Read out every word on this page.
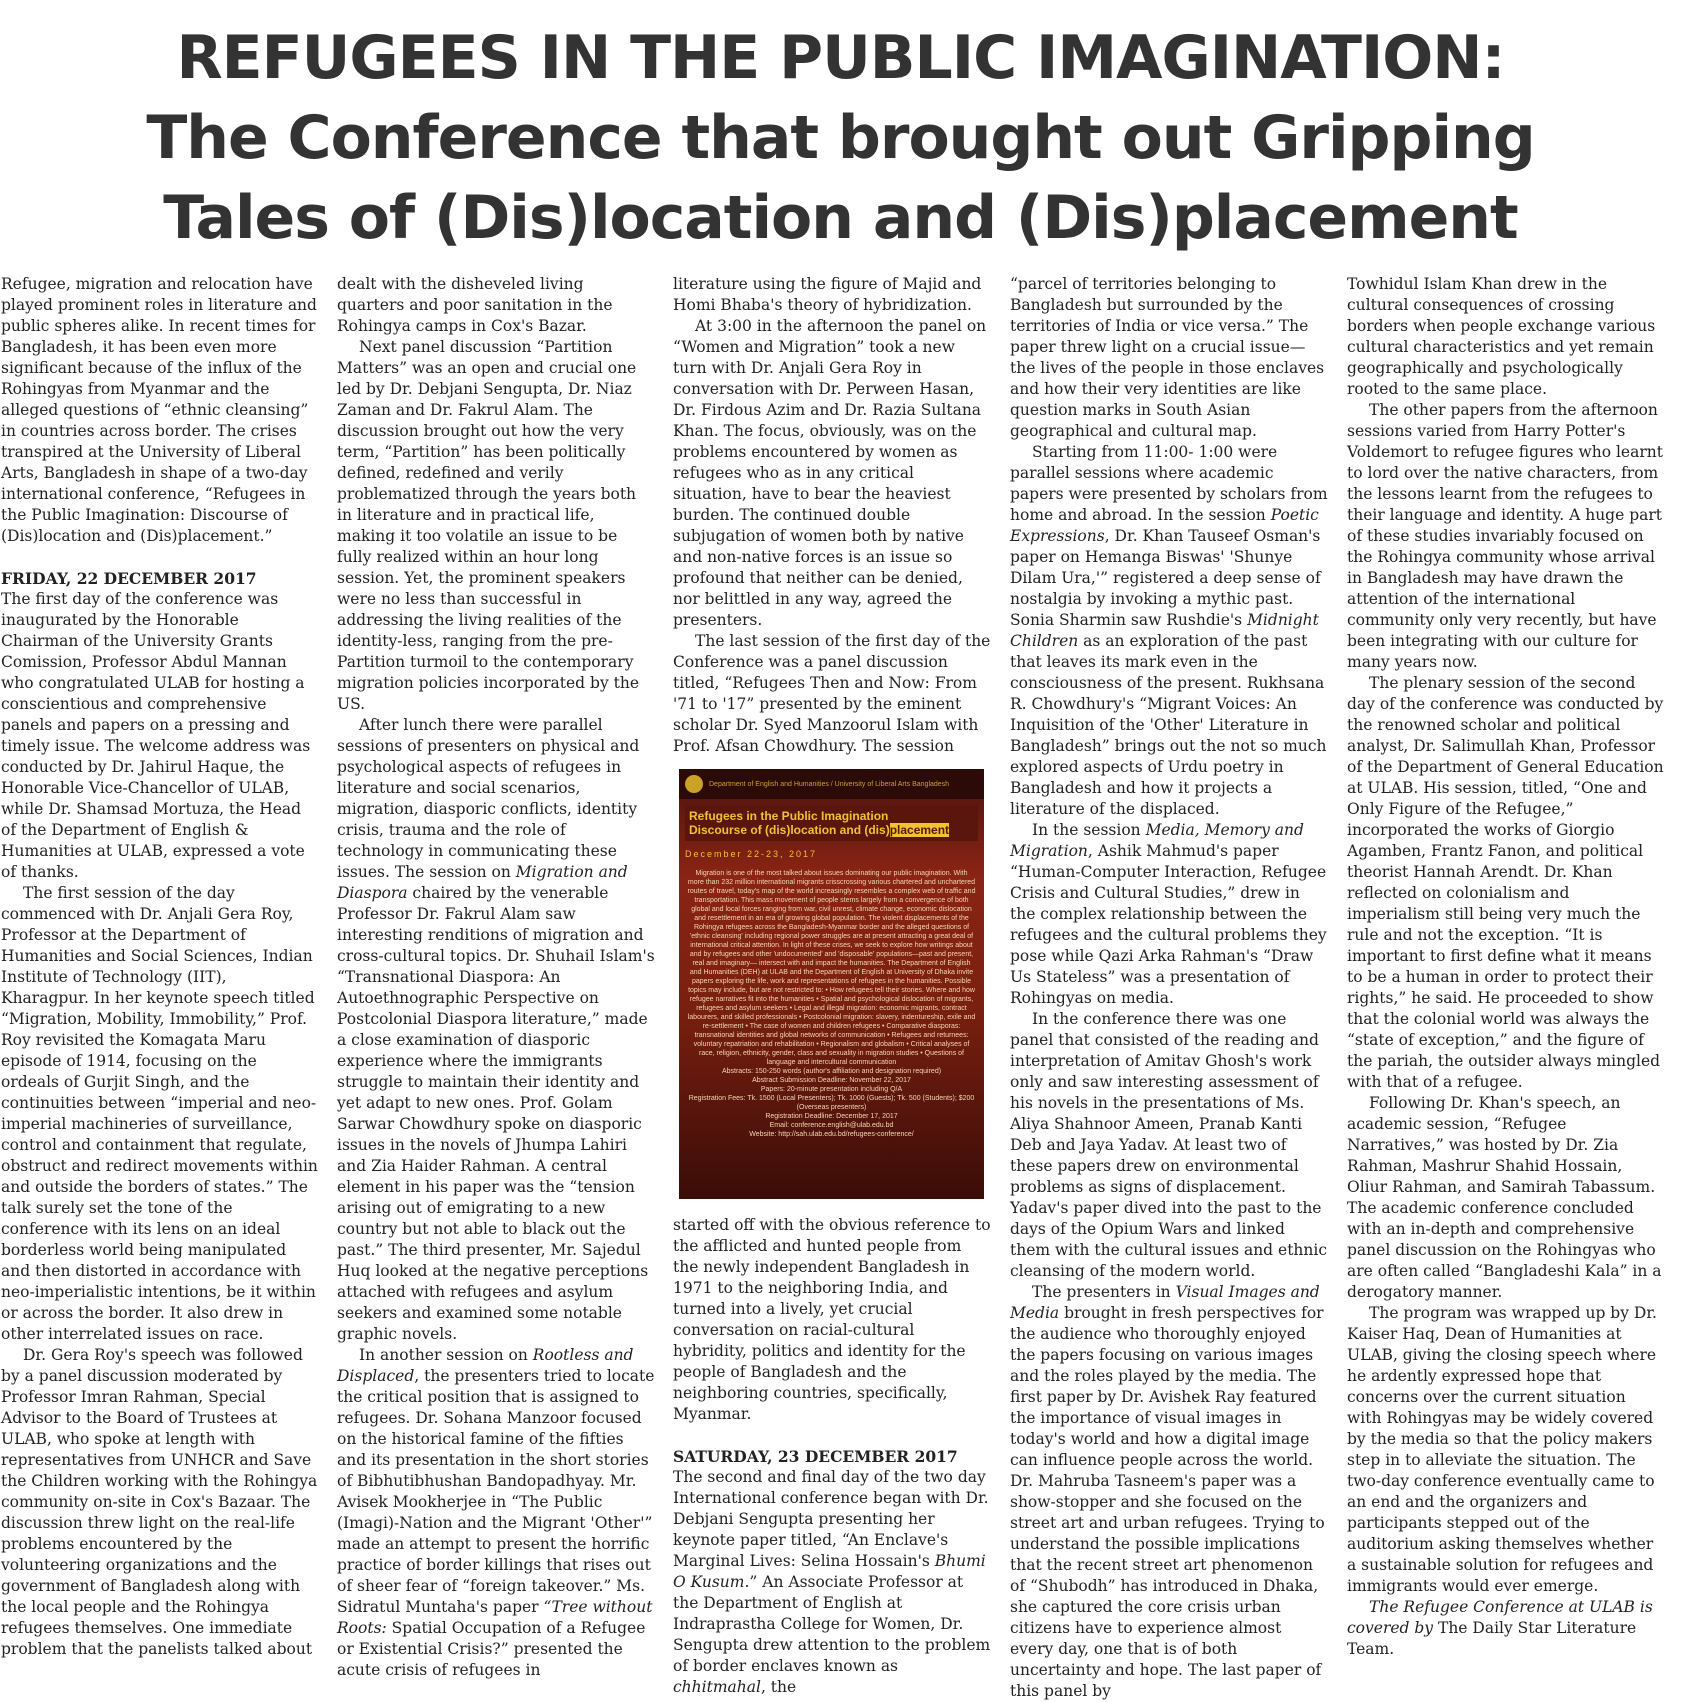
REFUGEES IN THE PUBLIC IMAGINATION:
The Conference that brought out Gripping
Tales of (Dis)location and (Dis)placement

Refugee, migration and relocation have played prominent roles in literature and public spheres alike. In recent times for Bangladesh, it has been even more significant because of the influx of the Rohingyas from Myanmar and the alleged questions of “ethnic cleansing” in countries across border. The crises transpired at the University of Liberal Arts, Bangladesh in shape of a two-day international conference, “Refugees in the Public Imagination: Discourse of (Dis)location and (Dis)placement.”

FRIDAY, 22 DECEMBER 2017

The first day of the conference was inaugurated by the Honorable Chairman of the University Grants Comission, Professor Abdul Mannan who congratulated ULAB for hosting a conscientious and comprehensive panels and papers on a pressing and timely issue. The welcome address was conducted by Dr. Jahirul Haque, the Honorable Vice-Chancellor of ULAB, while Dr. Shamsad Mortuza, the Head of the Department of English & Humanities at ULAB, expressed a vote of thanks.

The first session of the day commenced with Dr. Anjali Gera Roy, Professor at the Department of Humanities and Social Sciences, Indian Institute of Technology (IIT), Kharagpur. In her keynote speech titled “Migration, Mobility, Immobility,” Prof. Roy revisited the Komagata Maru episode of 1914, focusing on the ordeals of Gurjit Singh, and the continuities between “imperial and neo-imperial machineries of surveillance, control and containment that regulate, obstruct and redirect movements within and outside the borders of states.” The talk surely set the tone of the conference with its lens on an ideal borderless world being manipulated and then distorted in accordance with neo-imperialistic intentions, be it within or across the border. It also drew in other interrelated issues on race.

Dr. Gera Roy's speech was followed by a panel discussion moderated by Professor Imran Rahman, Special Advisor to the Board of Trustees at ULAB, who spoke at length with representatives from UNHCR and Save the Children working with the Rohingya community on-site in Cox's Bazaar. The discussion threw light on the real-life problems encountered by the volunteering organizations and the government of Bangladesh along with the local people and the Rohingya refugees themselves. One immediate problem that the panelists talked about

dealt with the disheveled living quarters and poor sanitation in the Rohingya camps in Cox's Bazar.

Next panel discussion “Partition Matters” was an open and crucial one led by Dr. Debjani Sengupta, Dr. Niaz Zaman and Dr. Fakrul Alam. The discussion brought out how the very term, “Partition” has been politically defined, redefined and verily problematized through the years both in literature and in practical life, making it too volatile an issue to be fully realized within an hour long session. Yet, the prominent speakers were no less than successful in addressing the living realities of the identity-less, ranging from the pre-Partition turmoil to the contemporary migration policies incorporated by the US.

After lunch there were parallel sessions of presenters on physical and psychological aspects of refugees in literature and social scenarios, migration, diasporic conflicts, identity crisis, trauma and the role of technology in communicating these issues. The session on Migration and Diaspora chaired by the venerable Professor Dr. Fakrul Alam saw interesting renditions of migration and cross-cultural topics. Dr. Shuhail Islam's “Transnational Diaspora: An Autoethnographic Perspective on Postcolonial Diaspora literature,” made a close examination of diasporic experience where the immigrants struggle to maintain their identity and yet adapt to new ones. Prof. Golam Sarwar Chowdhury spoke on diasporic issues in the novels of Jhumpa Lahiri and Zia Haider Rahman. A central element in his paper was the “tension arising out of emigrating to a new country but not able to black out the past.” The third presenter, Mr. Sajedul Huq looked at the negative perceptions attached with refugees and asylum seekers and examined some notable graphic novels.

In another session on Rootless and Displaced, the presenters tried to locate the critical position that is assigned to refugees. Dr. Sohana Manzoor focused on the historical famine of the fifties and its presentation in the short stories of Bibhutibhushan Bandopadhyay. Mr. Avisek Mookherjee in “The Public (Imagi)-Nation and the Migrant 'Other'” made an attempt to present the horrific practice of border killings that rises out of sheer fear of “foreign takeover.” Ms. Sidratul Muntaha's paper “Tree without Roots: Spatial Occupation of a Refugee or Existential Crisis?” presented the acute crisis of refugees in

literature using the figure of Majid and Homi Bhaba's theory of hybridization.

At 3:00 in the afternoon the panel on “Women and Migration” took a new turn with Dr. Anjali Gera Roy in conversation with Dr. Perween Hasan, Dr. Firdous Azim and Dr. Razia Sultana Khan. The focus, obviously, was on the problems encountered by women as refugees who as in any critical situation, have to bear the heaviest burden. The continued double subjugation of women both by native and non-native forces is an issue so profound that neither can be denied, nor belittled in any way, agreed the presenters.

The last session of the first day of the Conference was a panel discussion titled, “Refugees Then and Now: From '71 to '17” presented by the eminent scholar Dr. Syed Manzoorul Islam with Prof. Afsan Chowdhury. The session

Department of English and Humanities / University of Liberal Arts Bangladesh
Refugees in the Public Imagination
Discourse of (dis)location and (dis)placement
December 22-23, 2017
Migration is one of the most talked about issues dominating our public imagination. With more than 232 million international migrants crisscrossing various chartered and unchartered routes of travel, today's map of the world increasingly resembles a complex web of traffic and transportation. This mass movement of people stems largely from a convergence of both global and local forces ranging from war, civil unrest, climate change, economic dislocation and resettlement in an era of growing global population. The violent displacements of the Rohingya refugees across the Bangladesh-Myanmar border and the alleged questions of 'ethnic cleansing' including regional power struggles are at present attracting a great deal of international critical attention. In light of these crises, we seek to explore how writings about and by refugees and other 'undocumented' and 'disposable' populations—past and present, real and imaginary— intersect with and impact the humanities. The Department of English and Humanities (DEH) at ULAB and the Department of English at University of Dhaka invite papers exploring the life, work and representations of refugees in the humanities. Possible topics may include, but are not restricted to: • How refugees tell their stories. Where and how refugee narratives fit into the humanities • Spatial and psychological dislocation of migrants, refugees and asylum seekers • Legal and illegal migration: economic migrants, contract labourers, and skilled professionals • Postcolonial migration: slavery, indentureship, exile and re-settlement • The case of women and children refugees • Comparative diasporas: transnational identities and global networks of communication • Refugees and returnees: voluntary repatriation and rehabilitation • Regionalism and globalism • Critical analyses of race, religion, ethnicity, gender, class and sexuality in migration studies • Questions of language and intercultural communication
Abstracts: 150-250 words (author's affiliation and designation required)
Abstract Submission Deadline: November 22, 2017
Papers: 20-minute presentation including Q/A
Registration Fees: Tk. 1500 (Local Presenters); Tk. 1000 (Guests); Tk. 500 (Students); $200 (Overseas presenters)
Registration Deadline: December 17, 2017
Email: conference.english@ulab.edu.bd
Website: http://sah.ulab.edu.bd/refugees-conference/

started off with the obvious reference to the afflicted and hunted people from the newly independent Bangladesh in 1971 to the neighboring India, and turned into a lively, yet crucial conversation on racial-cultural hybridity, politics and identity for the people of Bangladesh and the neighboring countries, specifically, Myanmar.

SATURDAY, 23 DECEMBER 2017

The second and final day of the two day International conference began with Dr. Debjani Sengupta presenting her keynote paper titled, “An Enclave's Marginal Lives: Selina Hossain's Bhumi O Kusum.” An Associate Professor at the Department of English at Indraprastha College for Women, Dr. Sengupta drew attention to the problem of border enclaves known as chhitmahal, the

“parcel of territories belonging to Bangladesh but surrounded by the territories of India or vice versa.” The paper threw light on a crucial issue—the lives of the people in those enclaves and how their very identities are like question marks in South Asian geographical and cultural map.

Starting from 11:00- 1:00 were parallel sessions where academic papers were presented by scholars from home and abroad. In the session Poetic Expressions, Dr. Khan Tauseef Osman's paper on Hemanga Biswas' 'Shunye Dilam Ura,'” registered a deep sense of nostalgia by invoking a mythic past. Sonia Sharmin saw Rushdie's Midnight Children as an exploration of the past that leaves its mark even in the consciousness of the present. Rukhsana R. Chowdhury's “Migrant Voices: An Inquisition of the 'Other' Literature in Bangladesh” brings out the not so much explored aspects of Urdu poetry in Bangladesh and how it projects a literature of the displaced.

In the session Media, Memory and Migration, Ashik Mahmud's paper “Human-Computer Interaction, Refugee Crisis and Cultural Studies,” drew in the complex relationship between the refugees and the cultural problems they pose while Qazi Arka Rahman's “Draw Us Stateless” was a presentation of Rohingyas on media.

In the conference there was one panel that consisted of the reading and interpretation of Amitav Ghosh's work only and saw interesting assessment of his novels in the presentations of Ms. Aliya Shahnoor Ameen, Pranab Kanti Deb and Jaya Yadav. At least two of these papers drew on environmental problems as signs of displacement. Yadav's paper dived into the past to the days of the Opium Wars and linked them with the cultural issues and ethnic cleansing of the modern world.

The presenters in Visual Images and Media brought in fresh perspectives for the audience who thoroughly enjoyed the papers focusing on various images and the roles played by the media. The first paper by Dr. Avishek Ray featured the importance of visual images in today's world and how a digital image can influence people across the world. Dr. Mahruba Tasneem's paper was a show-stopper and she focused on the street art and urban refugees. Trying to understand the possible implications that the recent street art phenomenon of “Shubodh” has introduced in Dhaka, she captured the core crisis urban citizens have to experience almost every day, one that is of both uncertainty and hope. The last paper of this panel by

Towhidul Islam Khan drew in the cultural consequences of crossing borders when people exchange various cultural characteristics and yet remain geographically and psychologically rooted to the same place.

The other papers from the afternoon sessions varied from Harry Potter's Voldemort to refugee figures who learnt to lord over the native characters, from the lessons learnt from the refugees to their language and identity. A huge part of these studies invariably focused on the Rohingya community whose arrival in Bangladesh may have drawn the attention of the international community only very recently, but have been integrating with our culture for many years now.

The plenary session of the second day of the conference was conducted by the renowned scholar and political analyst, Dr. Salimullah Khan, Professor of the Department of General Education at ULAB. His session, titled, “One and Only Figure of the Refugee,” incorporated the works of Giorgio Agamben, Frantz Fanon, and political theorist Hannah Arendt. Dr. Khan reflected on colonialism and imperialism still being very much the rule and not the exception. “It is important to first define what it means to be a human in order to protect their rights,” he said. He proceeded to show that the colonial world was always the “state of exception,” and the figure of the pariah, the outsider always mingled with that of a refugee.

Following Dr. Khan's speech, an academic session, “Refugee Narratives,” was hosted by Dr. Zia Rahman, Mashrur Shahid Hossain, Oliur Rahman, and Samirah Tabassum. The academic conference concluded with an in-depth and comprehensive panel discussion on the Rohingyas who are often called “Bangladeshi Kala” in a derogatory manner.

The program was wrapped up by Dr. Kaiser Haq, Dean of Humanities at ULAB, giving the closing speech where he ardently expressed hope that concerns over the current situation with Rohingyas may be widely covered by the media so that the policy makers step in to alleviate the situation. The two-day conference eventually came to an end and the organizers and participants stepped out of the auditorium asking themselves whether a sustainable solution for refugees and immigrants would ever emerge.

The Refugee Conference at ULAB is covered by The Daily Star Literature Team.
